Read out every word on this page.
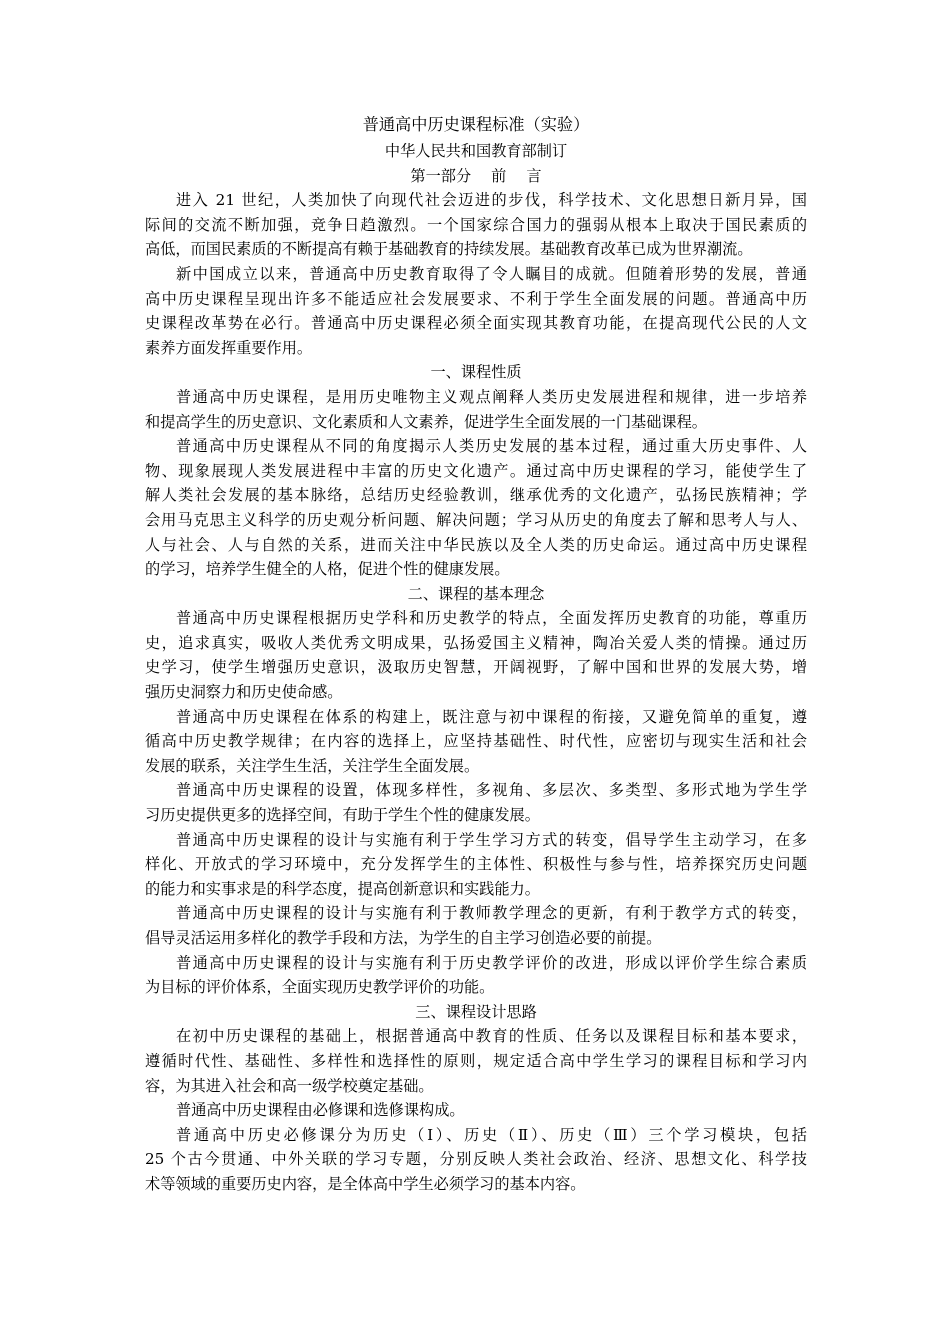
普通高中历史课程标准（实验）
中华人民共和国教育部制订
第一部分　 前　 言
进入 21 世纪，人类加快了向现代社会迈进的步伐，科学技术、文化思想日新月异，国
际间的交流不断加强，竞争日趋激烈。一个国家综合国力的强弱从根本上取决于国民素质的
高低，而国民素质的不断提高有赖于基础教育的持续发展。基础教育改革已成为世界潮流。
新中国成立以来，普通高中历史教育取得了令人瞩目的成就。但随着形势的发展，普通
高中历史课程呈现出许多不能适应社会发展要求、不利于学生全面发展的问题。普通高中历
史课程改革势在必行。普通高中历史课程必须全面实现其教育功能，在提高现代公民的人文
素养方面发挥重要作用。
一、课程性质
普通高中历史课程，是用历史唯物主义观点阐释人类历史发展进程和规律，进一步培养
和提高学生的历史意识、文化素质和人文素养，促进学生全面发展的一门基础课程。
普通高中历史课程从不同的角度揭示人类历史发展的基本过程，通过重大历史事件、人
物、现象展现人类发展进程中丰富的历史文化遗产。通过高中历史课程的学习，能使学生了
解人类社会发展的基本脉络，总结历史经验教训，继承优秀的文化遗产，弘扬民族精神；学
会用马克思主义科学的历史观分析问题、解决问题；学习从历史的角度去了解和思考人与人、
人与社会、人与自然的关系，进而关注中华民族以及全人类的历史命运。通过高中历史课程
的学习，培养学生健全的人格，促进个性的健康发展。
二、课程的基本理念
普通高中历史课程根据历史学科和历史教学的特点，全面发挥历史教育的功能，尊重历
史，追求真实，吸收人类优秀文明成果，弘扬爱国主义精神，陶冶关爱人类的情操。通过历
史学习，使学生增强历史意识，汲取历史智慧，开阔视野，了解中国和世界的发展大势，增
强历史洞察力和历史使命感。
普通高中历史课程在体系的构建上，既注意与初中课程的衔接，又避免简单的重复，遵
循高中历史教学规律；在内容的选择上，应坚持基础性、时代性，应密切与现实生活和社会
发展的联系，关注学生生活，关注学生全面发展。
普通高中历史课程的设置，体现多样性，多视角、多层次、多类型、多形式地为学生学
习历史提供更多的选择空间，有助于学生个性的健康发展。
普通高中历史课程的设计与实施有利于学生学习方式的转变，倡导学生主动学习，在多
样化、开放式的学习环境中，充分发挥学生的主体性、积极性与参与性，培养探究历史问题
的能力和实事求是的科学态度，提高创新意识和实践能力。
普通高中历史课程的设计与实施有利于教师教学理念的更新，有利于教学方式的转变，
倡导灵活运用多样化的教学手段和方法，为学生的自主学习创造必要的前提。
普通高中历史课程的设计与实施有利于历史教学评价的改进，形成以评价学生综合素质
为目标的评价体系，全面实现历史教学评价的功能。
三、课程设计思路
在初中历史课程的基础上，根据普通高中教育的性质、任务以及课程目标和基本要求，
遵循时代性、基础性、多样性和选择性的原则，规定适合高中学生学习的课程目标和学习内
容，为其进入社会和高一级学校奠定基础。
普通高中历史课程由必修课和选修课构成。
普通高中历史必修课分为历史（Ⅰ）、历史（Ⅱ）、历史（Ⅲ）三个学习模块，包括
25 个古今贯通、中外关联的学习专题，分别反映人类社会政治、经济、思想文化、科学技
术等领域的重要历史内容，是全体高中学生必须学习的基本内容。
